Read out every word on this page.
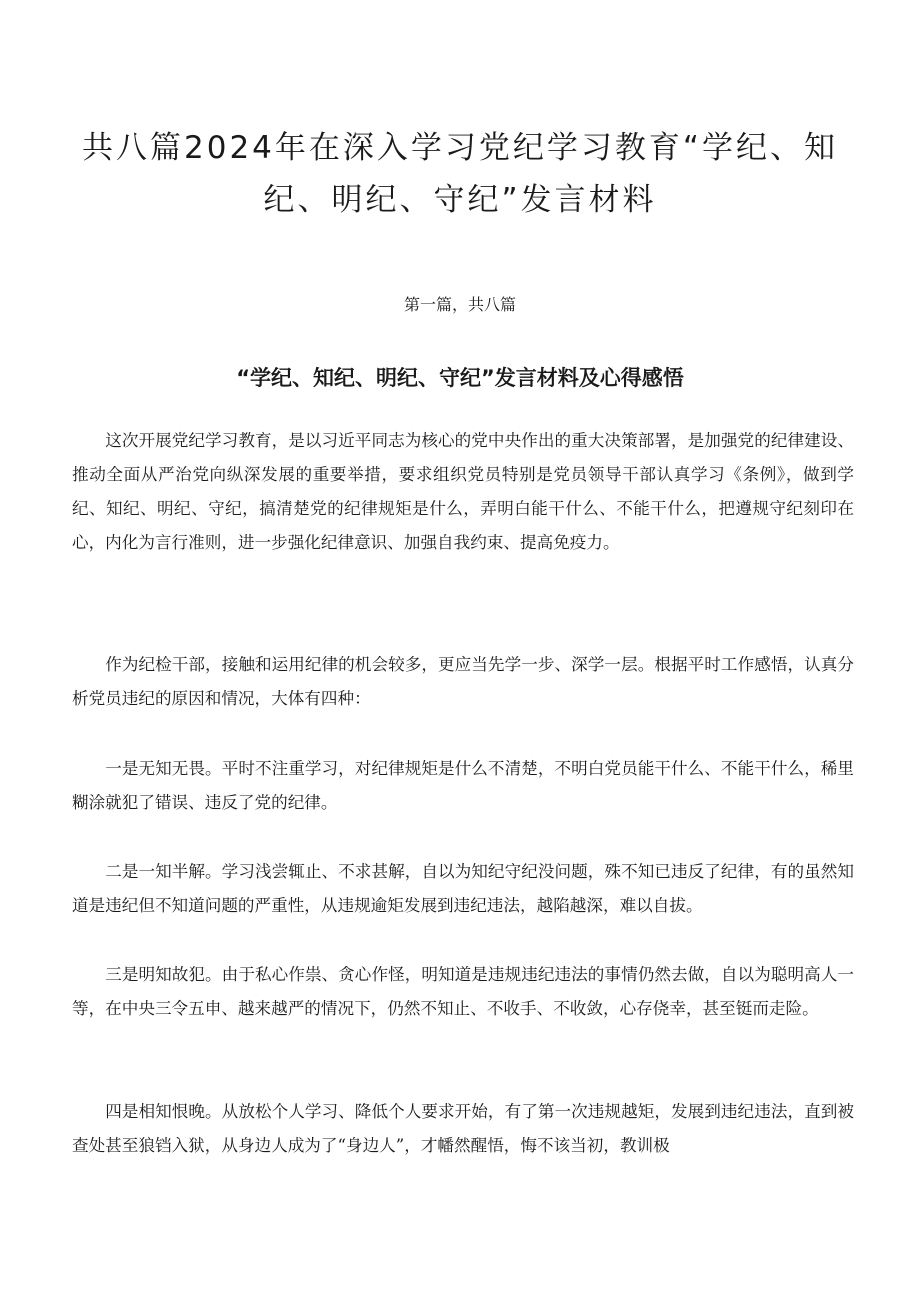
共八篇2024年在深入学习党纪学习教育“学纪、知纪、明纪、守纪”发言材料
第一篇，共八篇
“学纪、知纪、明纪、守纪”发言材料及心得感悟

这次开展党纪学习教育，是以习近平同志为核心的党中央作出的重大决策部署，是加强党的纪律建设、推动全面从严治党向纵深发展的重要举措，要求组织党员特别是党员领导干部认真学习《条例》，做到学纪、知纪、明纪、守纪，搞清楚党的纪律规矩是什么，弄明白能干什么、不能干什么，把遵规守纪刻印在心，内化为言行准则，进一步强化纪律意识、加强自我约束、提高免疫力。

作为纪检干部，接触和运用纪律的机会较多，更应当先学一步、深学一层。根据平时工作感悟，认真分析党员违纪的原因和情况，大体有四种：

一是无知无畏。平时不注重学习，对纪律规矩是什么不清楚，不明白党员能干什么、不能干什么，稀里糊涂就犯了错误、违反了党的纪律。

二是一知半解。学习浅尝辄止、不求甚解，自以为知纪守纪没问题，殊不知已违反了纪律，有的虽然知道是违纪但不知道问题的严重性，从违规逾矩发展到违纪违法，越陷越深，难以自拔。

三是明知故犯。由于私心作祟、贪心作怪，明知道是违规违纪违法的事情仍然去做，自以为聪明高人一等，在中央三令五申、越来越严的情况下，仍然不知止、不收手、不收敛，心存侥幸，甚至铤而走险。

四是相知恨晚。从放松个人学习、降低个人要求开始，有了第一次违规越矩，发展到违纪违法，直到被查处甚至狼铛入狱，从身边人成为了“身边人”，才幡然醒悟，悔不该当初，教训极
